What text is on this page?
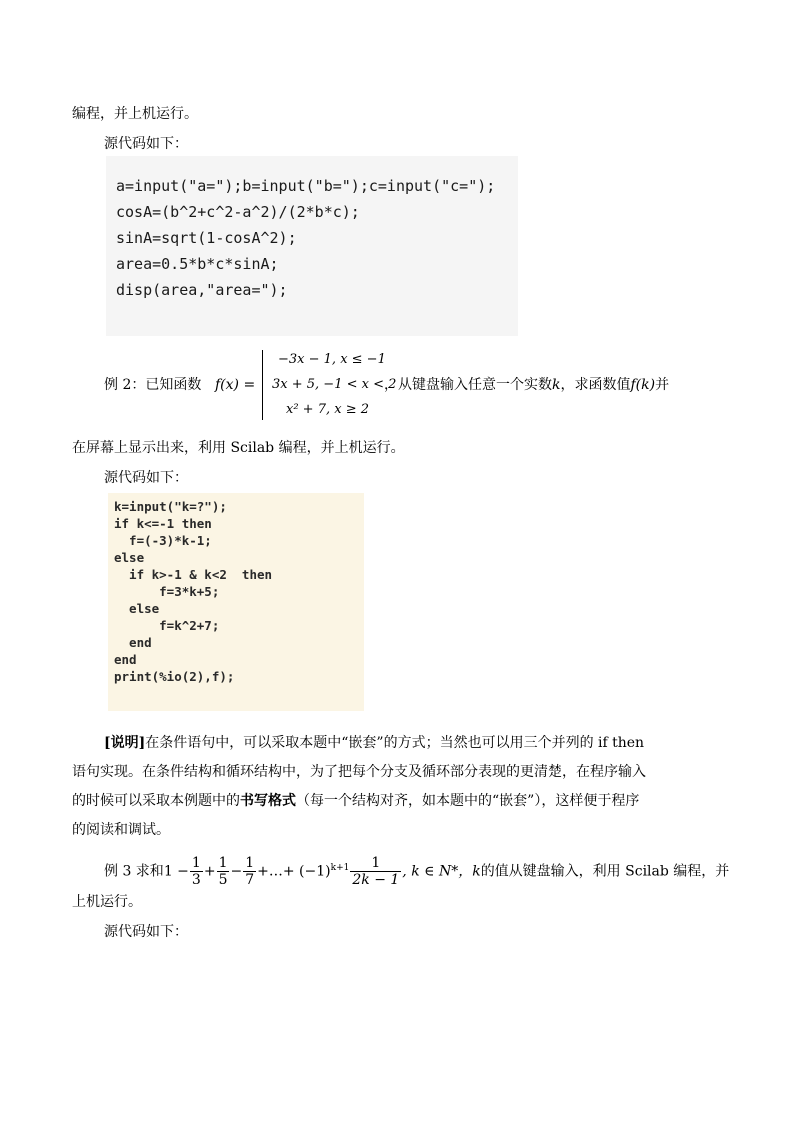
编程，并上机运行。
源代码如下：

a=input("a=");b=input("b=");c=input("c=");

cosA=(b^2+c^2-a^2)/(2*b*c);

sinA=sqrt(1-cosA^2);

area=0.5*b*c*sinA;

disp(area,"area=");

例 2：已知函数 f(x) =
−3x − 1, x ≤ −1
3x + 5, −1 < x < 2
x² + 7, x ≥ 2
，从键盘输入任意一个实数k，求函数值f(k)并
在屏幕上显示出来，利用 Scilab 编程，并上机运行。
源代码如下：

k=input("k=?");

if k<=-1 then

f=(-3)*k-1;

else

if k>-1 & k<2  then

f=3*k+5;

else

f=k^2+7;

end

end

print(%io(2),f);

[说明]在条件语句中，可以采取本题中“嵌套”的方式；当然也可以用三个并列的 if then
语句实现。在条件结构和循环结构中，为了把每个分支及循环部分表现的更清楚，在程序输入
的时候可以采取本例题中的书写格式（每一个结构对齐，如本题中的“嵌套”），这样便于程序
的阅读和调试。
例 3 求和$1 - \frac{1}{3} + \frac{1}{5} - \frac{1}{7}$ +…+ $(-1)^{k+1} \frac{1}{2k - 1}$ , k ∈ N*，k的值从键盘输入，利用 Scilab 编程，并
上机运行。
源代码如下：
